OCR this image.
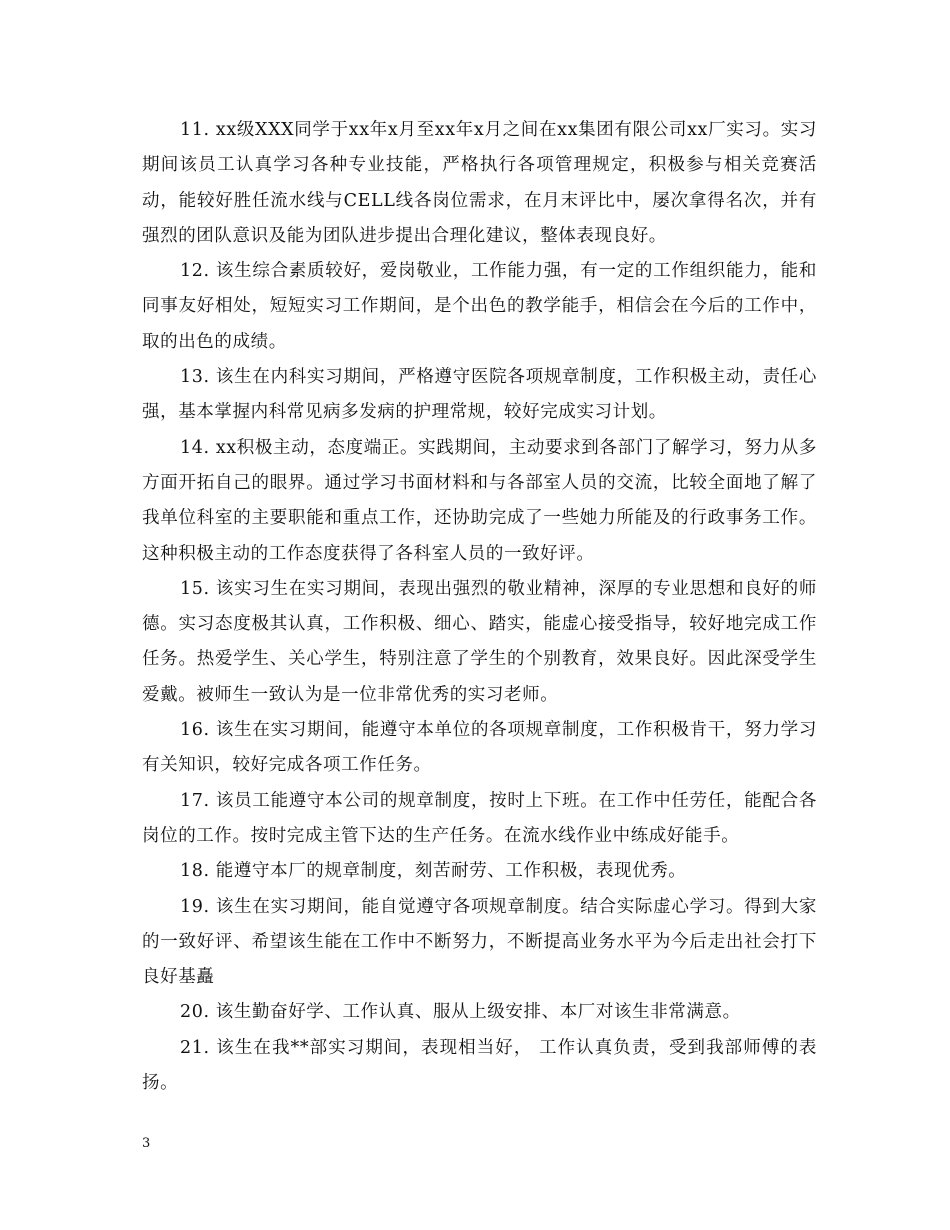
11. xx级XXX同学于xx年x月至xx年x月之间在xx集团有限公司xx厂实习。实习期间该员工认真学习各种专业技能，严格执行各项管理规定，积极参与相关竞赛活动，能较好胜任流水线与CELL线各岗位需求，在月末评比中，屡次拿得名次，并有强烈的团队意识及能为团队进步提出合理化建议，整体表现良好。

12. 该生综合素质较好，爱岗敬业，工作能力强，有一定的工作组织能力，能和同事友好相处，短短实习工作期间，是个出色的教学能手，相信会在今后的工作中，取的出色的成绩。

13. 该生在内科实习期间，严格遵守医院各项规章制度，工作积极主动，责任心强，基本掌握内科常见病多发病的护理常规，较好完成实习计划。

14. xx积极主动，态度端正。实践期间，主动要求到各部门了解学习，努力从多方面开拓自己的眼界。通过学习书面材料和与各部室人员的交流，比较全面地了解了我单位科室的主要职能和重点工作，还协助完成了一些她力所能及的行政事务工作。这种积极主动的工作态度获得了各科室人员的一致好评。

15. 该实习生在实习期间，表现出强烈的敬业精神，深厚的专业思想和良好的师德。实习态度极其认真，工作积极、细心、踏实，能虚心接受指导，较好地完成工作任务。热爱学生、关心学生，特别注意了学生的个别教育，效果良好。因此深受学生爱戴。被师生一致认为是一位非常优秀的实习老师。

16. 该生在实习期间，能遵守本单位的各项规章制度，工作积极肯干，努力学习有关知识，较好完成各项工作任务。

17. 该员工能遵守本公司的规章制度，按时上下班。在工作中任劳任，能配合各岗位的工作。按时完成主管下达的生产任务。在流水线作业中练成好能手。

18. 能遵守本厂的规章制度，刻苦耐劳、工作积极，表现优秀。

19. 该生在实习期间，能自觉遵守各项规章制度。结合实际虚心学习。得到大家的一致好评、希望该生能在工作中不断努力，不断提高业务水平为今后走出社会打下良好基矗

20. 该生勤奋好学、工作认真、服从上级安排、本厂对该生非常满意。

21. 该生在我**部实习期间，表现相当好， 工作认真负责，受到我部师傅的表扬。

3
